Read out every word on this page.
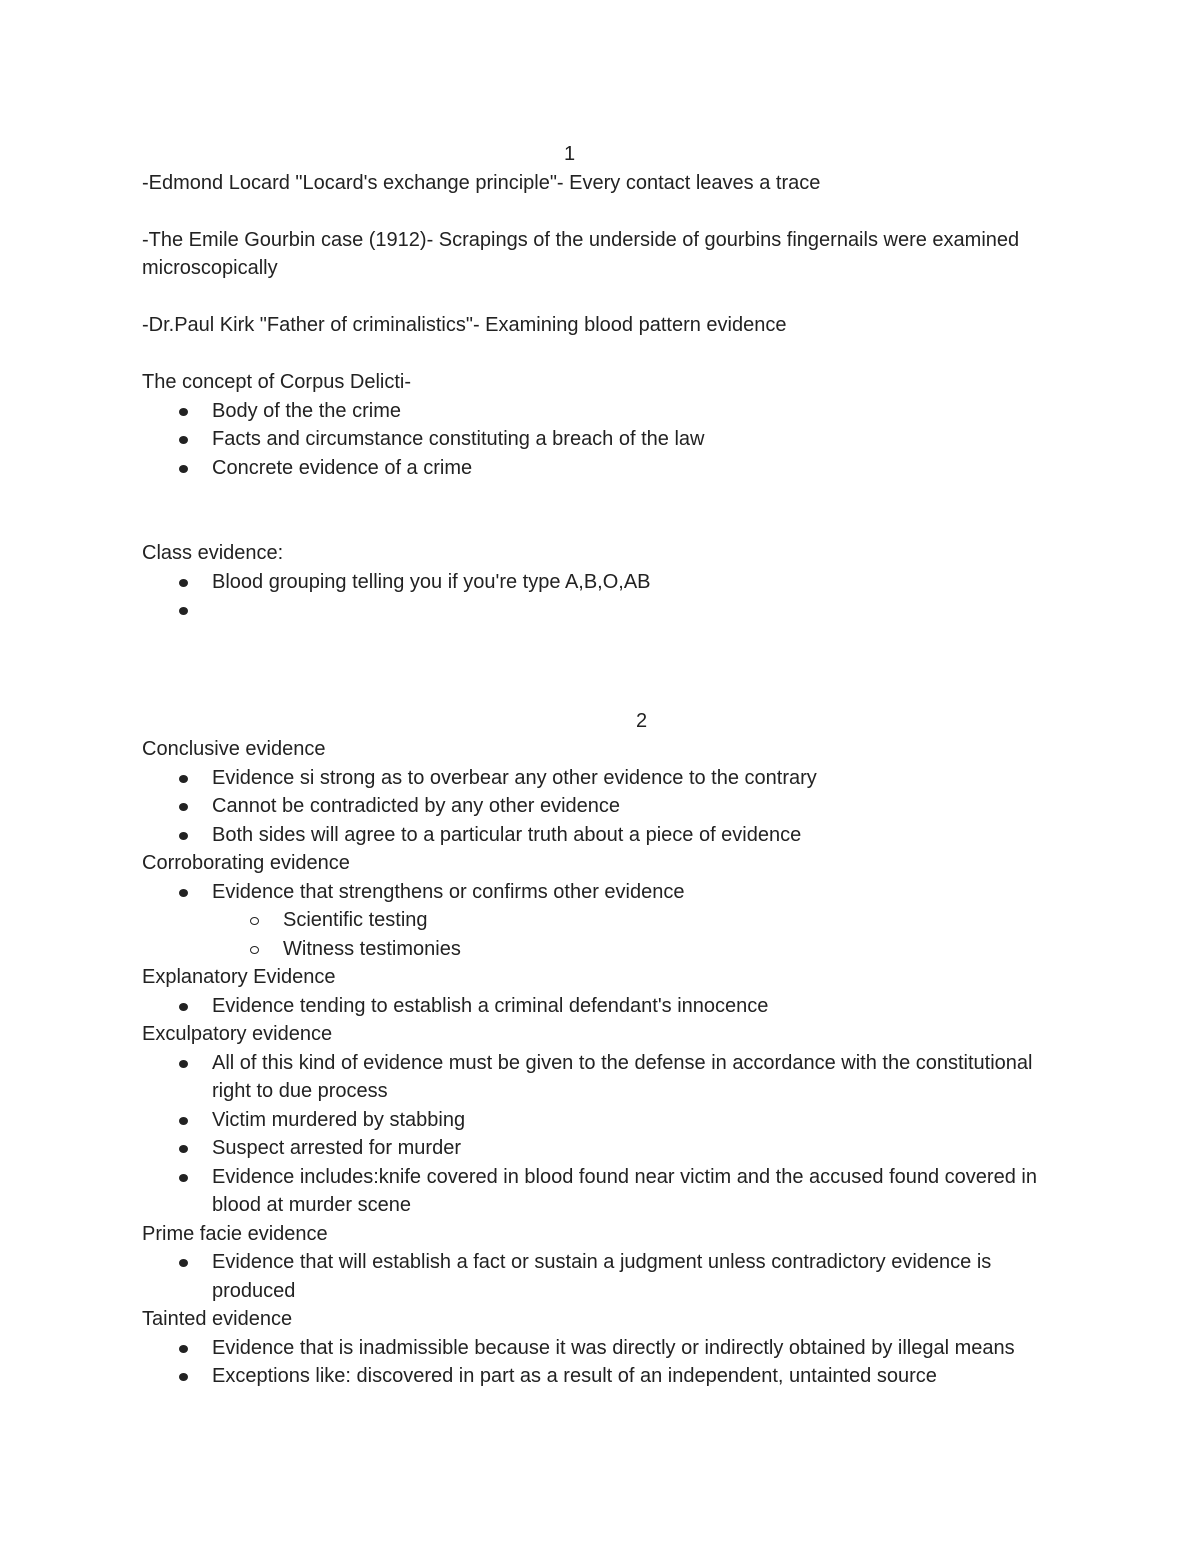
1

-Edmond Locard "Locard's exchange principle"- Every contact leaves a trace

-The Emile Gourbin case (1912)- Scrapings of the underside of gourbins fingernails were examined microscopically

-Dr.Paul Kirk "Father of criminalistics"- Examining blood pattern evidence

The concept of Corpus Delicti-

Body of the the crime
Facts and circumstance constituting a breach of the law
Concrete evidence of a crime

Class evidence:

Blood grouping telling you if you're type A,B,O,AB

2

Conclusive evidence

Evidence si strong as to overbear any other evidence to the contrary
Cannot be contradicted by any other evidence
Both sides will agree to a particular truth about a piece of evidence

Corroborating evidence

Evidence that strengthens or confirms other evidence
Scientific testing
Witness testimonies

Explanatory Evidence

Evidence tending to establish a criminal defendant's innocence

Exculpatory evidence

All of this kind of evidence must be given to the defense in accordance with the constitutional right to due process
Victim murdered by stabbing
Suspect arrested for murder
Evidence includes:knife covered in blood found near victim and the accused found covered in blood at murder scene

Prime facie evidence

Evidence that will establish a fact or sustain a judgment unless contradictory evidence is produced

Tainted evidence

Evidence that is inadmissible because it was directly or indirectly obtained by illegal means
Exceptions like: discovered in part as a result of an independent, untainted source
